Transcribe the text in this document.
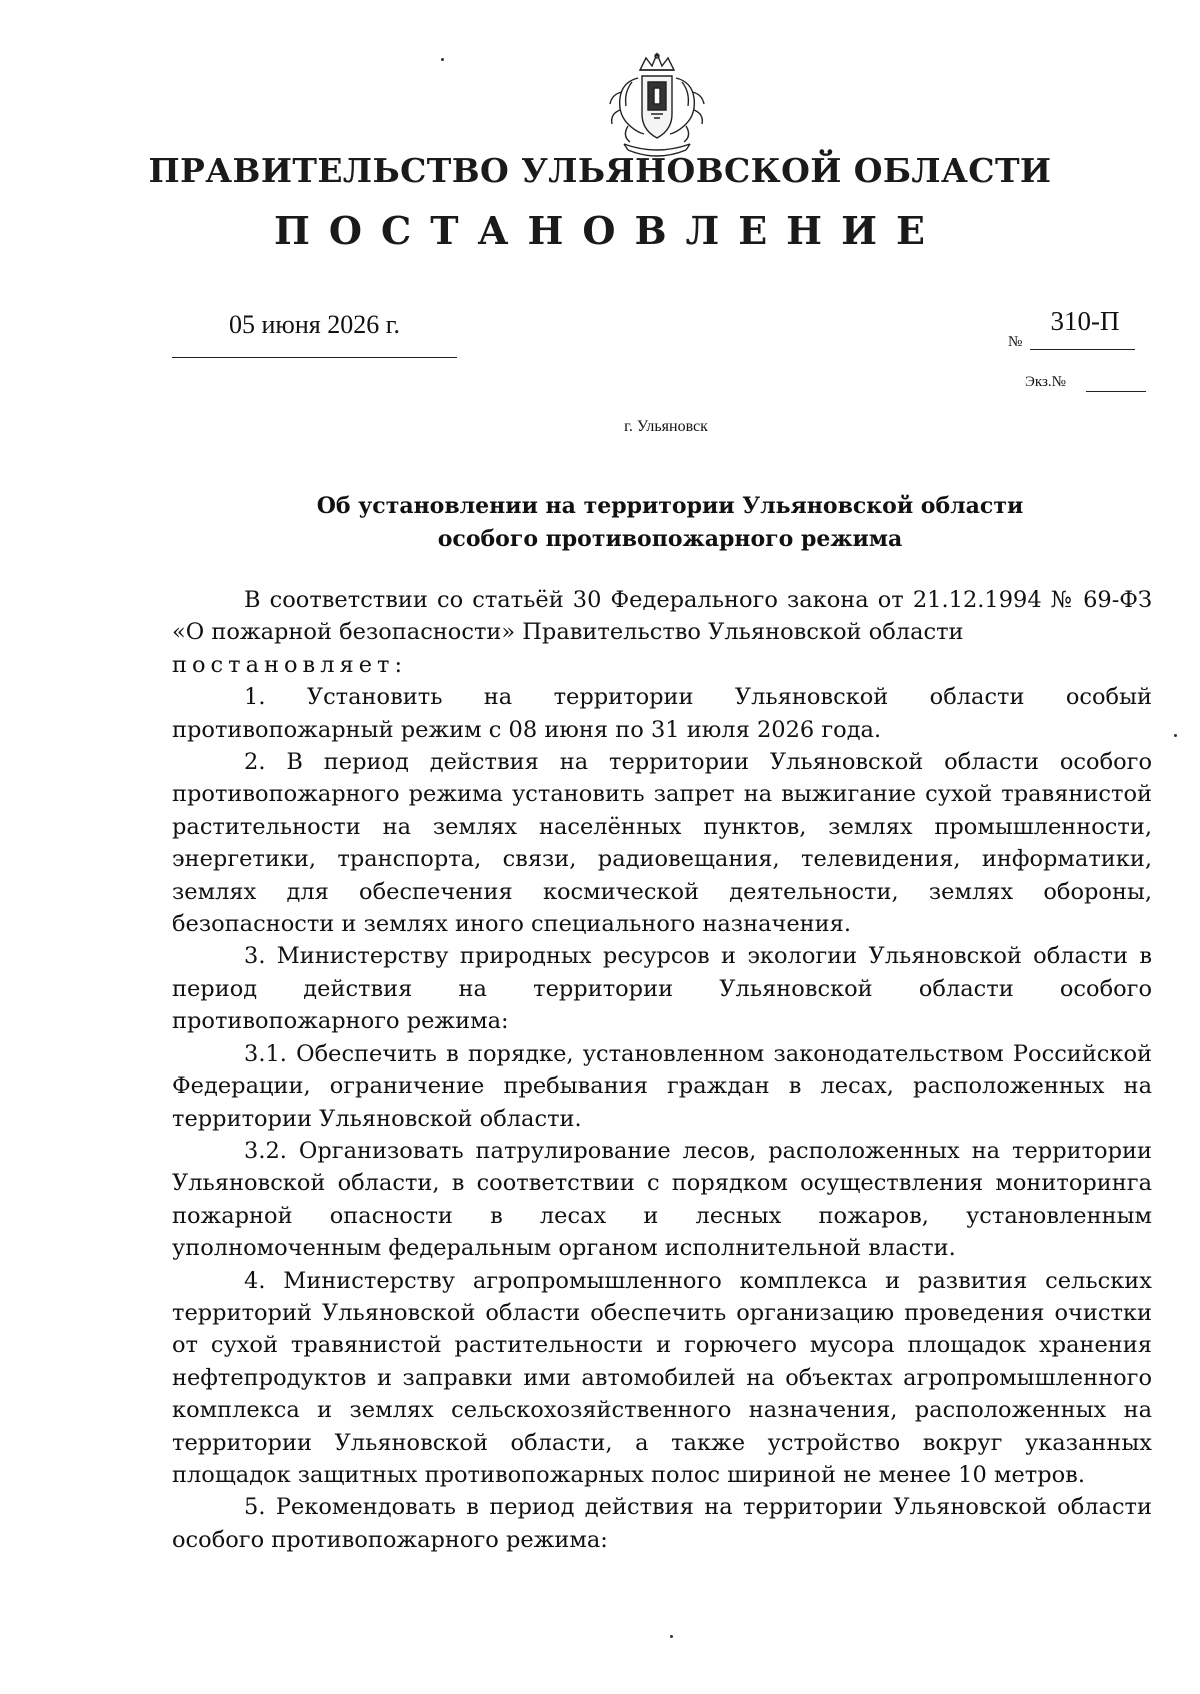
ПРАВИТЕЛЬСТВО УЛЬЯНОВСКОЙ ОБЛАСТИ
ПОСТАНОВЛЕНИЕ
05 июня 2026 г.
№
310-П
Экз.№
г. Ульяновск
Об установлении на территории Ульяновской области
особого противопожарного режима

В соответствии со статьёй 30 Федерального закона от 21.12.1994 № 69-ФЗ «О пожарной безопасности» Правительство Ульяновской области

постановляет:

1. Установить на территории Ульяновской области особый противопожарный режим с 08 июня по 31 июля 2026 года.

2. В период действия на территории Ульяновской области особого противопожарного режима установить запрет на выжигание сухой травянистой растительности на землях населённых пунктов, землях промышленности, энергетики, транспорта, связи, радиовещания, телевидения, информатики, землях для обеспечения космической деятельности, землях обороны, безопасности и землях иного специального назначения.

3. Министерству природных ресурсов и экологии Ульяновской области в период действия на территории Ульяновской области особого противопожарного режима:

3.1. Обеспечить в порядке, установленном законодательством Российской Федерации, ограничение пребывания граждан в лесах, расположенных на территории Ульяновской области.

3.2. Организовать патрулирование лесов, расположенных на территории Ульяновской области, в соответствии с порядком осуществления мониторинга пожарной опасности в лесах и лесных пожаров, установленным уполномоченным федеральным органом исполнительной власти.

4. Министерству агропромышленного комплекса и развития сельских территорий Ульяновской области обеспечить организацию проведения очистки от сухой травянистой растительности и горючего мусора площадок хранения нефтепродуктов и заправки ими автомобилей на объектах агропромышленного комплекса и землях сельскохозяйственного назначения, расположенных на территории Ульяновской области, а также устройство вокруг указанных площадок защитных противопожарных полос шириной не менее 10 метров.

5. Рекомендовать в период действия на территории Ульяновской области особого противопожарного режима:
